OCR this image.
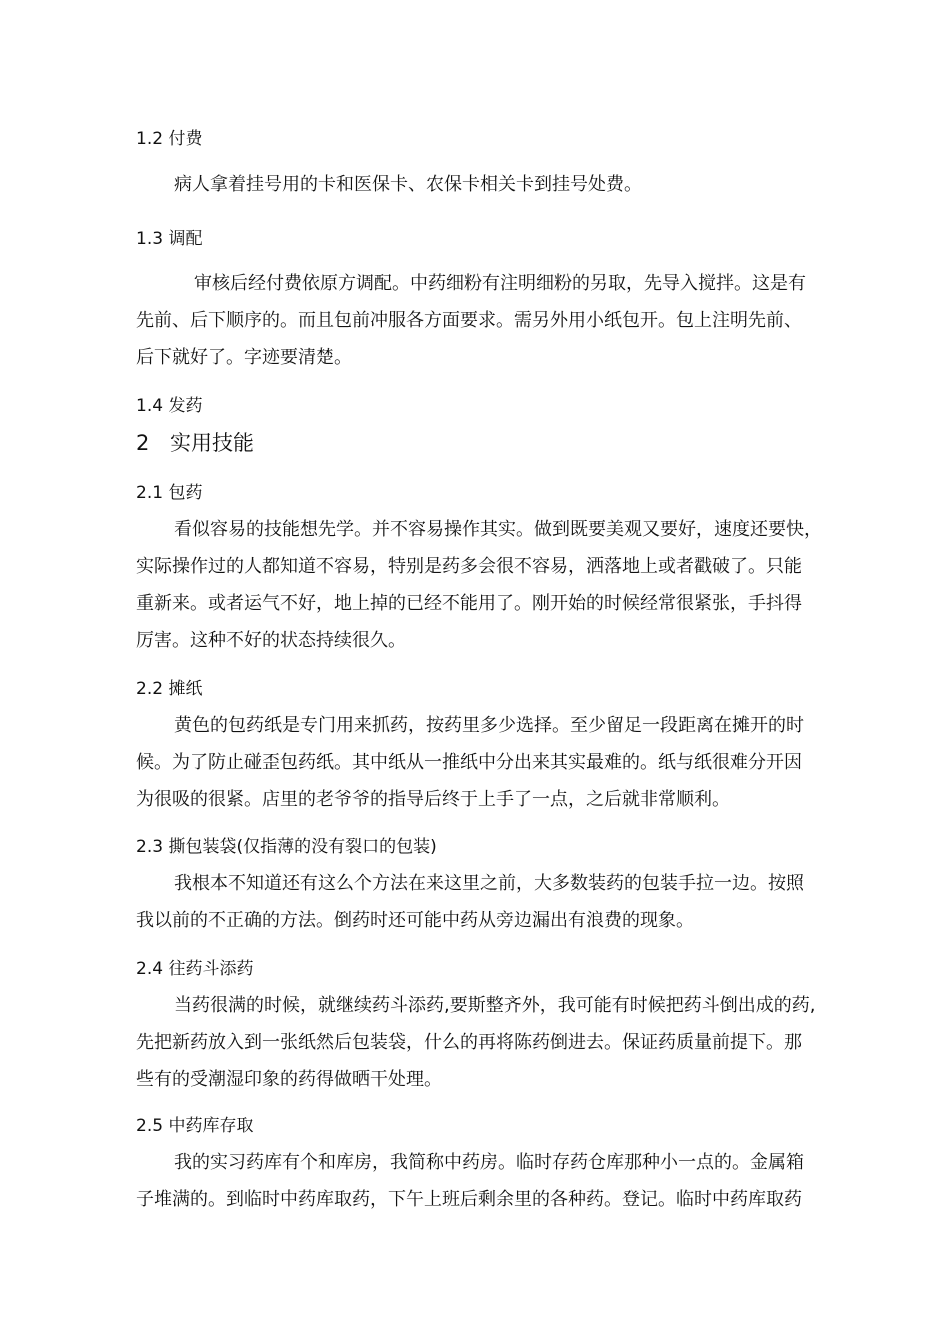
1.2 付费
病人拿着挂号用的卡和医保卡、农保卡相关卡到挂号处费。
1.3 调配
审核后经付费依原方调配。中药细粉有注明细粉的另取，先导入搅拌。这是有
先前、后下顺序的。而且包前冲服各方面要求。需另外用小纸包开。包上注明先前、
后下就好了。字迹要清楚。
1.4 发药
2 实用技能
2.1 包药
看似容易的技能想先学。并不容易操作其实。做到既要美观又要好，速度还要快，
实际操作过的人都知道不容易，特别是药多会很不容易，洒落地上或者戳破了。只能
重新来。或者运气不好，地上掉的已经不能用了。刚开始的时候经常很紧张，手抖得
厉害。这种不好的状态持续很久。
2.2 摊纸
黄色的包药纸是专门用来抓药，按药里多少选择。至少留足一段距离在摊开的时
候。为了防止碰歪包药纸。其中纸从一推纸中分出来其实最难的。纸与纸很难分开因
为很吸的很紧。店里的老爷爷的指导后终于上手了一点，之后就非常顺利。
2.3 撕包装袋(仅指薄的没有裂口的包装)
我根本不知道还有这么个方法在来这里之前，大多数装药的包装手拉一边。按照
我以前的不正确的方法。倒药时还可能中药从旁边漏出有浪费的现象。
2.4 往药斗添药
当药很满的时候，就继续药斗添药,要斯整齐外，我可能有时候把药斗倒出成的药,
先把新药放入到一张纸然后包装袋，什么的再将陈药倒进去。保证药质量前提下。那
些有的受潮湿印象的药得做晒干处理。
2.5 中药库存取
我的实习药库有个和库房，我简称中药房。临时存药仓库那种小一点的。金属箱
子堆满的。到临时中药库取药，下午上班后剩余里的各种药。登记。临时中药库取药
